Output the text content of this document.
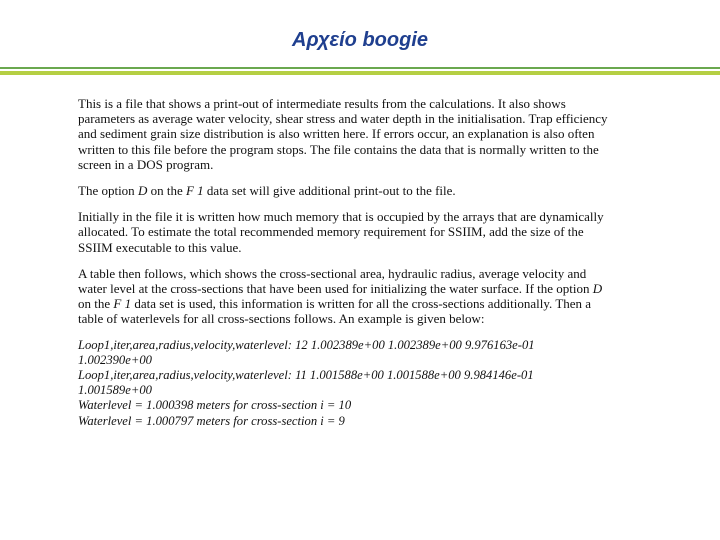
Αρχείο boogie

This is a file that shows a print-out of intermediate results from the calculations. It also shows parameters as average water velocity, shear stress and water depth in the initialisation. Trap efficiency and sediment grain size distribution is also written here. If errors occur, an explanation is also often written to this file before the program stops. The file contains the data that is normally written to the screen in a DOS program.

The option D on the F 1 data set will give additional print-out to the file.

Initially in the file it is written how much memory that is occupied by the arrays that are dynamically allocated. To estimate the total recommended memory requirement for SSIIM, add the size of the SSIIM executable to this value.

A table then follows, which shows the cross-sectional area, hydraulic radius, average velocity and water level at the cross-sections that have been used for initializing the water surface. If the option D on the F 1 data set is used, this information is written for all the cross-sections additionally. Then a table of waterlevels for all cross-sections follows. An example is given below:

Loop1,iter,area,radius,velocity,waterlevel: 12 1.002389e+00 1.002389e+00 9.976163e-01
1.002390e+00
Loop1,iter,area,radius,velocity,waterlevel: 11 1.001588e+00 1.001588e+00 9.984146e-01
1.001589e+00
Waterlevel = 1.000398 meters for cross-section i = 10
Waterlevel = 1.000797 meters for cross-section i = 9
